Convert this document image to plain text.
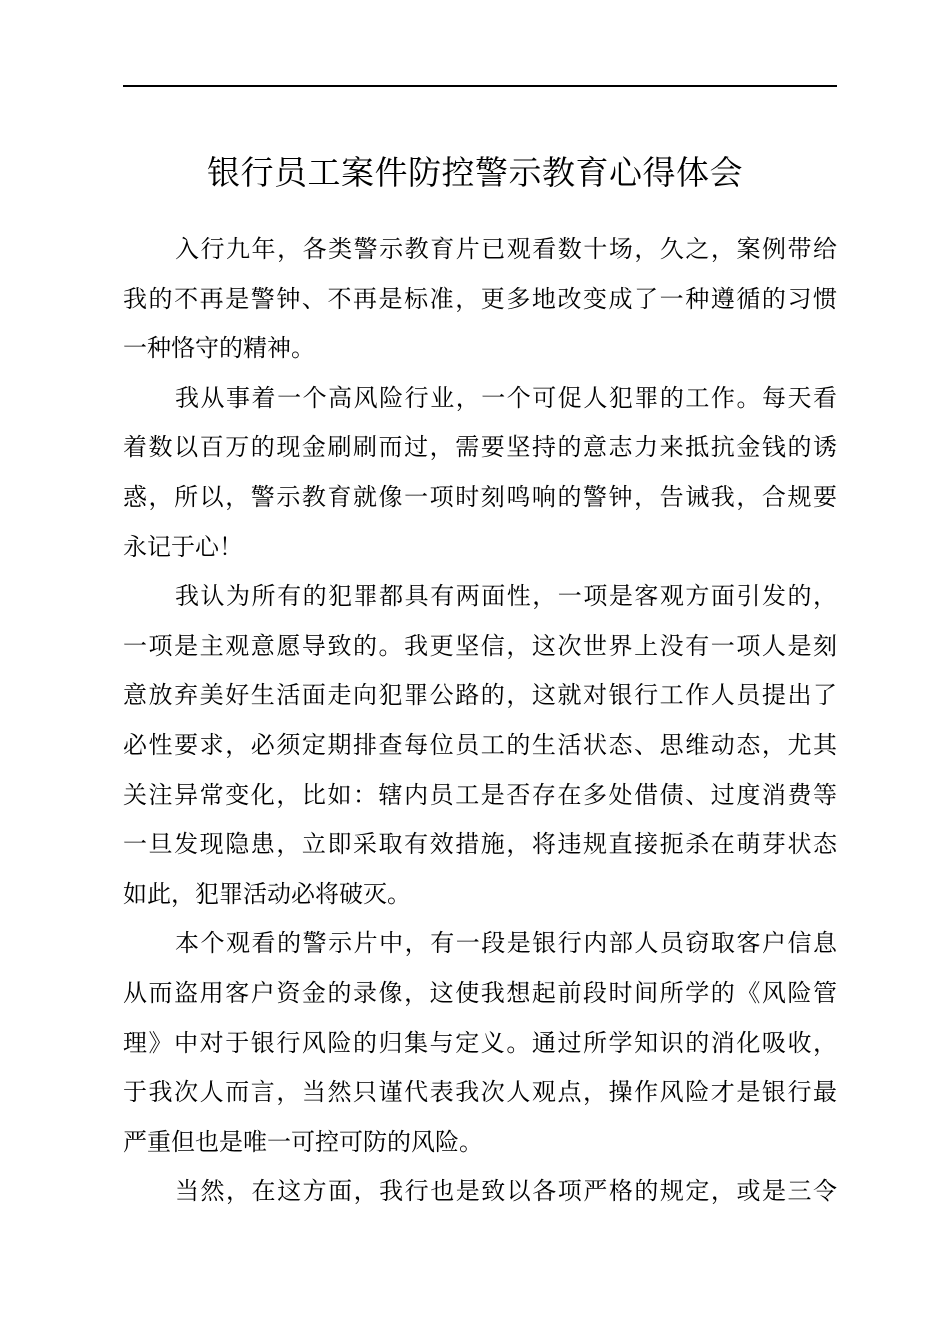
银行员工案件防控警示教育心得体会
入行九年，各类警示教育片已观看数十场，久之，案例带给
我的不再是警钟、不再是标准，更多地改变成了一种遵循的习惯
一种恪守的精神。
我从事着一个高风险行业，一个可促人犯罪的工作。每天看
着数以百万的现金刷刷而过，需要坚持的意志力来抵抗金钱的诱
惑，所以，警示教育就像一项时刻鸣响的警钟，告诫我，合规要
永记于心！
我认为所有的犯罪都具有两面性，一项是客观方面引发的，
一项是主观意愿导致的。我更坚信，这次世界上没有一项人是刻
意放弃美好生活面走向犯罪公路的，这就对银行工作人员提出了
必性要求，必须定期排查每位员工的生活状态、思维动态，尤其
关注异常变化，比如：辖内员工是否存在多处借债、过度消费等
一旦发现隐患，立即采取有效措施，将违规直接扼杀在萌芽状态
如此，犯罪活动必将破灭。
本个观看的警示片中，有一段是银行内部人员窃取客户信息
从而盗用客户资金的录像，这使我想起前段时间所学的《风险管
理》中对于银行风险的归集与定义。通过所学知识的消化吸收，
于我次人而言，当然只谨代表我次人观点，操作风险才是银行最
严重但也是唯一可控可防的风险。
当然，在这方面，我行也是致以各项严格的规定，或是三令
